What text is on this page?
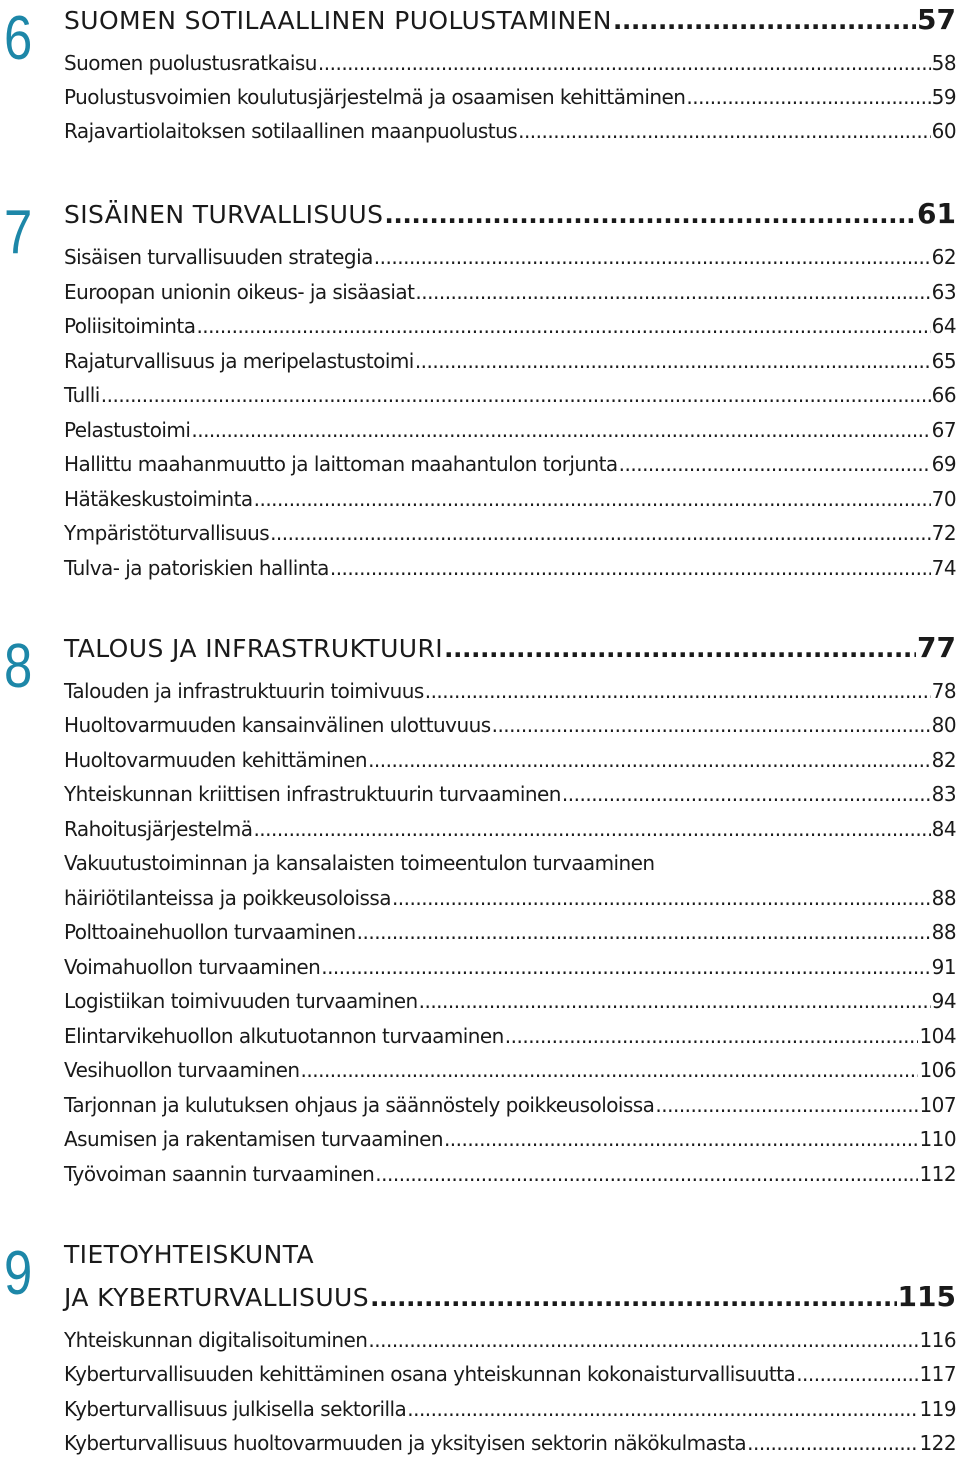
6 SUOMEN SOTILAALLINEN PUOLUSTAMINEN .....	57
Suomen puolustusratkaisu .....	58
Puolustusvoimien koulutusjärjestelmä ja osaamisen kehittäminen .....	59
Rajavartiolaitoksen sotilaallinen maanpuolustus .....	60
7 SISÄINEN TURVALLISUUS .....	61
Sisäisen turvallisuuden strategia .....	62
Euroopan unionin oikeus- ja sisäasiat .....	63
Poliisitoiminta .....	64
Rajaturvallisuus ja meripelastustoimi .....	65
Tulli .....	66
Pelastustoimi .....	67
Hallittu maahanmuutto ja laittoman maahantulon torjunta .....	69
Hätäkeskustoiminta .....	70
Ympäristöturvallisuus .....	72
Tulva- ja patoriskien hallinta .....	74
8 TALOUS JA INFRASTRUKTUURI .....	77
Talouden ja infrastruktuurin toimivuus .....	78
Huoltovarmuuden kansainvälinen ulottuvuus .....	80
Huoltovarmuuden kehittäminen .....	82
Yhteiskunnan kriittisen infrastruktuurin turvaaminen .....	83
Rahoitusjärjestelmä .....	84
Vakuutustoiminnan ja kansalaisten toimeentulon turvaaminen
häiriötilanteissa ja poikkeusoloissa .....	88
Polttoainehuollon turvaaminen .....	88
Voimahuollon turvaaminen .....	91
Logistiikan toimivuuden turvaaminen .....	94
Elintarvikehuollon alkutuotannon turvaaminen .....	104
Vesihuollon turvaaminen .....	106
Tarjonnan ja kulutuksen ohjaus ja säännöstely poikkeusoloissa .....	107
Asumisen ja rakentamisen turvaaminen .....	110
Työvoiman saannin turvaaminen .....	112
9 TIETOYHTEISKUNTA
JA KYBERTURVALLISUUS .....	115
Yhteiskunnan digitalisoituminen .....	116
Kyberturvallisuuden kehittäminen osana yhteiskunnan kokonaisturvallisuutta .....	117
Kyberturvallisuus julkisella sektorilla .....	119
Kyberturvallisuus huoltovarmuuden ja yksityisen sektorin näkökulmasta .....	122
